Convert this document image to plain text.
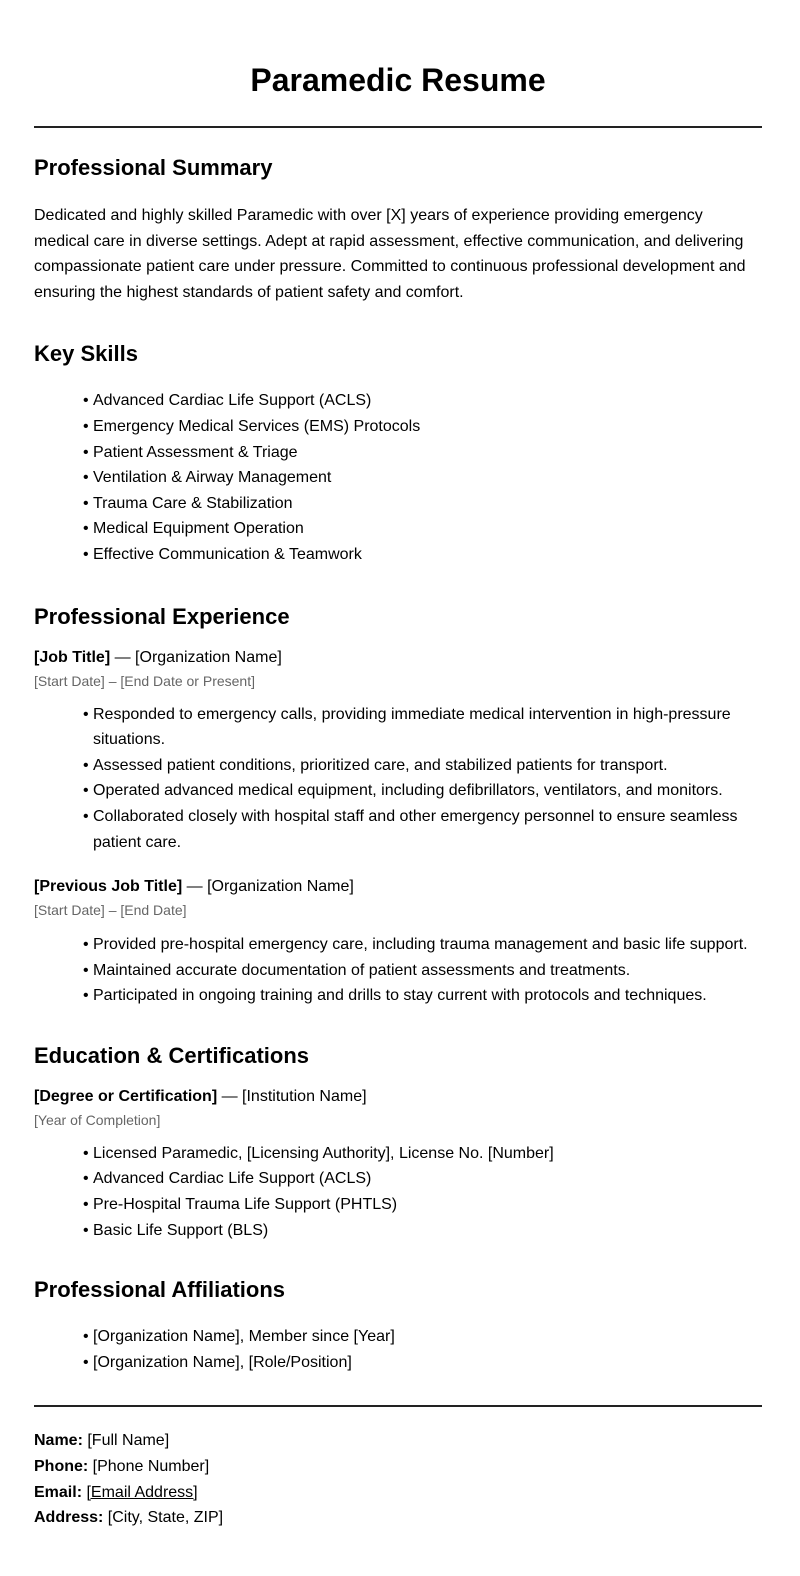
Paramedic Resume
Professional Summary

Dedicated and highly skilled Paramedic with over [X] years of experience providing emergency medical care in diverse settings. Adept at rapid assessment, effective communication, and delivering compassionate patient care under pressure. Committed to continuous professional development and ensuring the highest standards of patient safety and comfort.

Key Skills
• Advanced Cardiac Life Support (ACLS)
• Emergency Medical Services (EMS) Protocols
• Patient Assessment & Triage
• Ventilation & Airway Management
• Trauma Care & Stabilization
• Medical Equipment Operation
• Effective Communication & Teamwork
Professional Experience
[Job Title] — [Organization Name]
[Start Date] – [End Date or Present]
• Responded to emergency calls, providing immediate medical intervention in high-pressure situations.
• Assessed patient conditions, prioritized care, and stabilized patients for transport.
• Operated advanced medical equipment, including defibrillators, ventilators, and monitors.
• Collaborated closely with hospital staff and other emergency personnel to ensure seamless patient care.
[Previous Job Title] — [Organization Name]
[Start Date] – [End Date]
• Provided pre-hospital emergency care, including trauma management and basic life support.
• Maintained accurate documentation of patient assessments and treatments.
• Participated in ongoing training and drills to stay current with protocols and techniques.
Education & Certifications
[Degree or Certification] — [Institution Name]
[Year of Completion]
• Licensed Paramedic, [Licensing Authority], License No. [Number]
• Advanced Cardiac Life Support (ACLS)
• Pre-Hospital Trauma Life Support (PHTLS)
• Basic Life Support (BLS)
Professional Affiliations
• [Organization Name], Member since [Year]
• [Organization Name], [Role/Position]
Name: [Full Name]
Phone: [Phone Number]
Email: [Email Address]
Address: [City, State, ZIP]
